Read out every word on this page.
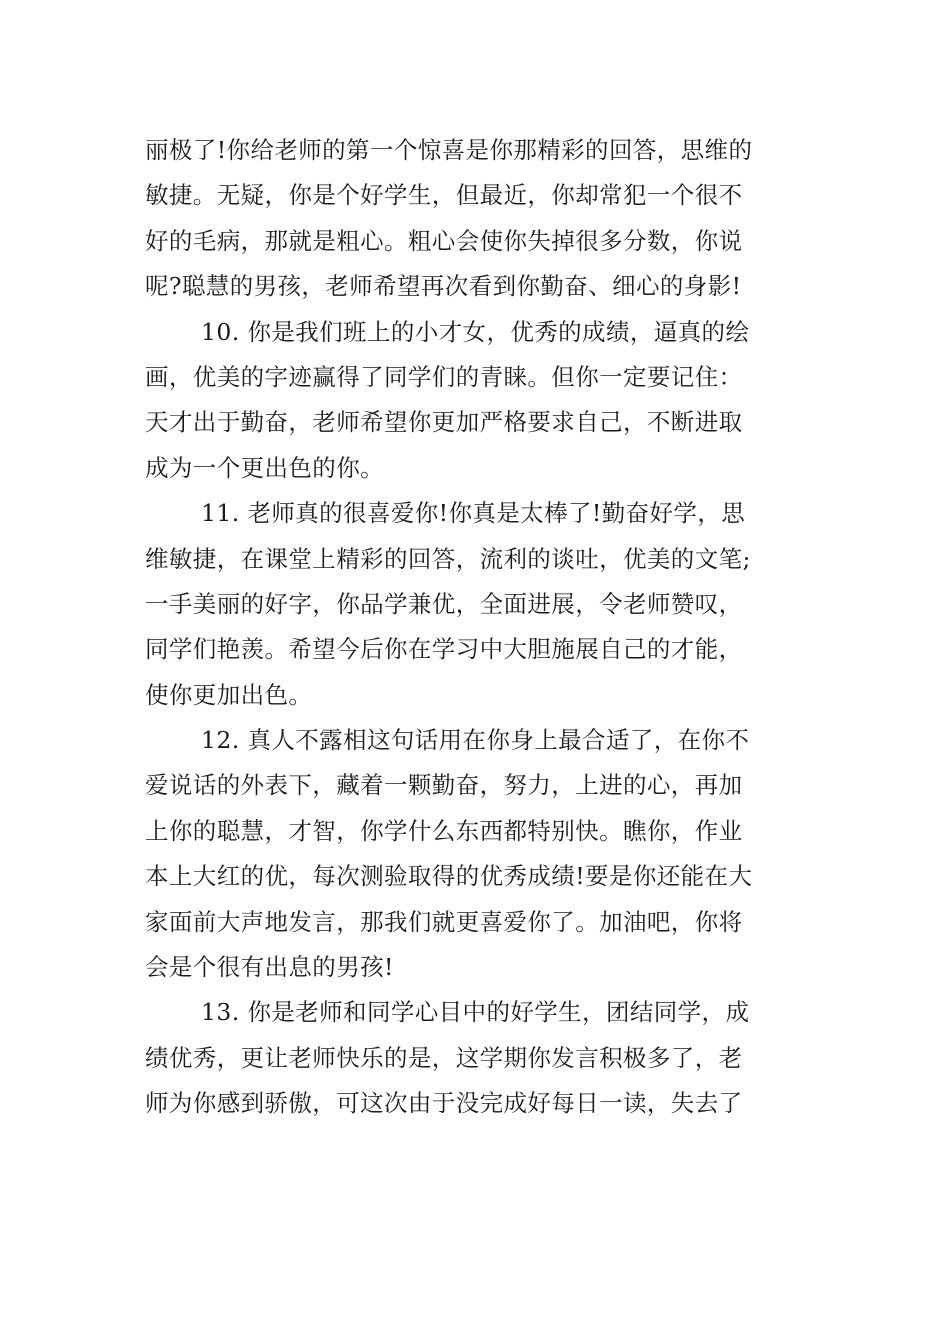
丽极了!你给老师的第一个惊喜是你那精彩的回答，思维的
敏捷。无疑，你是个好学生，但最近，你却常犯一个很不
好的毛病，那就是粗心。粗心会使你失掉很多分数，你说
呢?聪慧的男孩，老师希望再次看到你勤奋、细心的身影!
10. 你是我们班上的小才女，优秀的成绩，逼真的绘
画，优美的字迹赢得了同学们的青睐。但你一定要记住：
天才出于勤奋，老师希望你更加严格要求自己，不断进取
成为一个更出色的你。
11. 老师真的很喜爱你!你真是太棒了!勤奋好学，思
维敏捷，在课堂上精彩的回答，流利的谈吐，优美的文笔;
一手美丽的好字，你品学兼优，全面进展，令老师赞叹，
同学们艳羡。希望今后你在学习中大胆施展自己的才能，
使你更加出色。
12. 真人不露相这句话用在你身上最合适了，在你不
爱说话的外表下，藏着一颗勤奋，努力，上进的心，再加
上你的聪慧，才智，你学什么东西都特别快。瞧你，作业
本上大红的优，每次测验取得的优秀成绩!要是你还能在大
家面前大声地发言，那我们就更喜爱你了。加油吧，你将
会是个很有出息的男孩!
13. 你是老师和同学心目中的好学生，团结同学，成
绩优秀，更让老师快乐的是，这学期你发言积极多了，老
师为你感到骄傲，可这次由于没完成好每日一读，失去了
